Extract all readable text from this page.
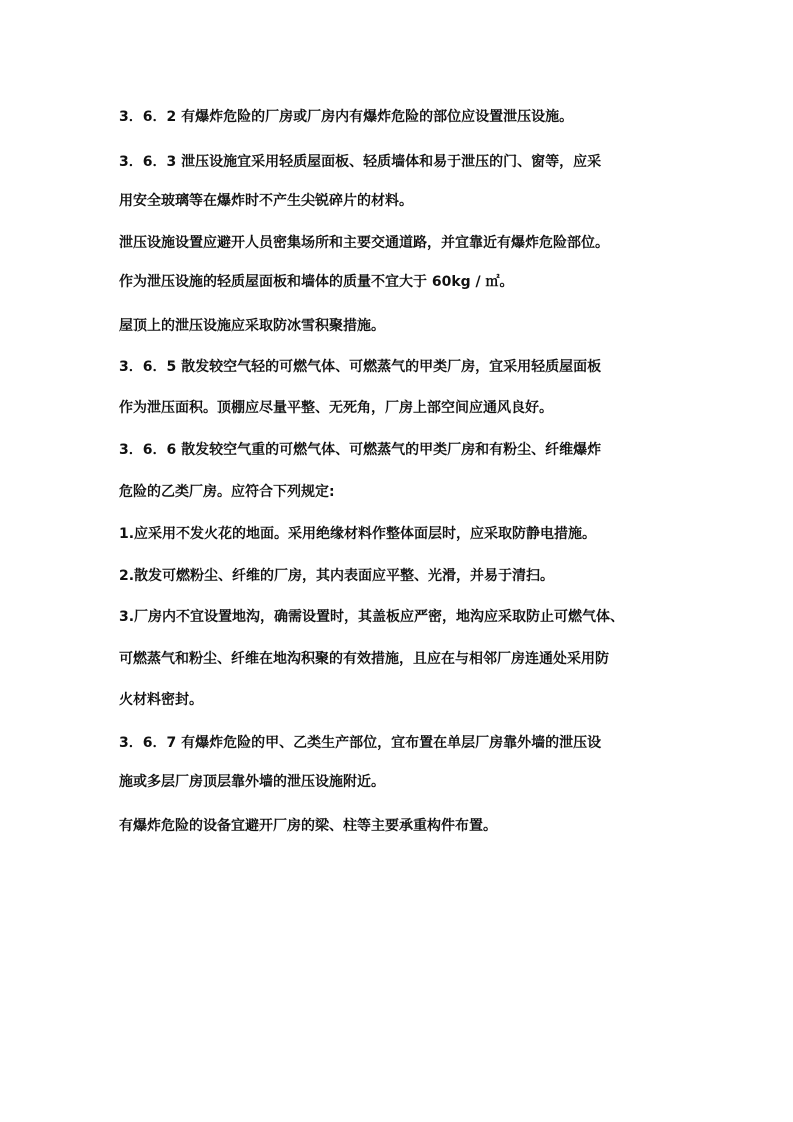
3．6．2 有爆炸危险的厂房或厂房内有爆炸危险的部位应设置泄压设施。

3．6．3 泄压设施宜采用轻质屋面板、轻质墙体和易于泄压的门、窗等，应采

用安全玻璃等在爆炸时不产生尖锐碎片的材料。

泄压设施设置应避开人员密集场所和主要交通道路，并宜靠近有爆炸危险部位。

作为泄压设施的轻质屋面板和墙体的质量不宜大于 60kg / ㎡。

屋顶上的泄压设施应采取防冰雪积聚措施。

3．6．5 散发较空气轻的可燃气体、可燃蒸气的甲类厂房，宜采用轻质屋面板

作为泄压面积。顶棚应尽量平整、无死角，厂房上部空间应通风良好。

3．6．6 散发较空气重的可燃气体、可燃蒸气的甲类厂房和有粉尘、纤维爆炸

危险的乙类厂房。应符合下列规定:

1.应采用不发火花的地面。采用绝缘材料作整体面层时，应采取防静电措施。

2.散发可燃粉尘、纤维的厂房，其内表面应平整、光滑，并易于清扫。

3.厂房内不宜设置地沟，确需设置时，其盖板应严密，地沟应采取防止可燃气体、

可燃蒸气和粉尘、纤维在地沟积聚的有效措施，且应在与相邻厂房连通处采用防

火材料密封。

3．6．7 有爆炸危险的甲、乙类生产部位，宜布置在单层厂房靠外墙的泄压设

施或多层厂房顶层靠外墙的泄压设施附近。

有爆炸危险的设备宜避开厂房的梁、柱等主要承重构件布置。
